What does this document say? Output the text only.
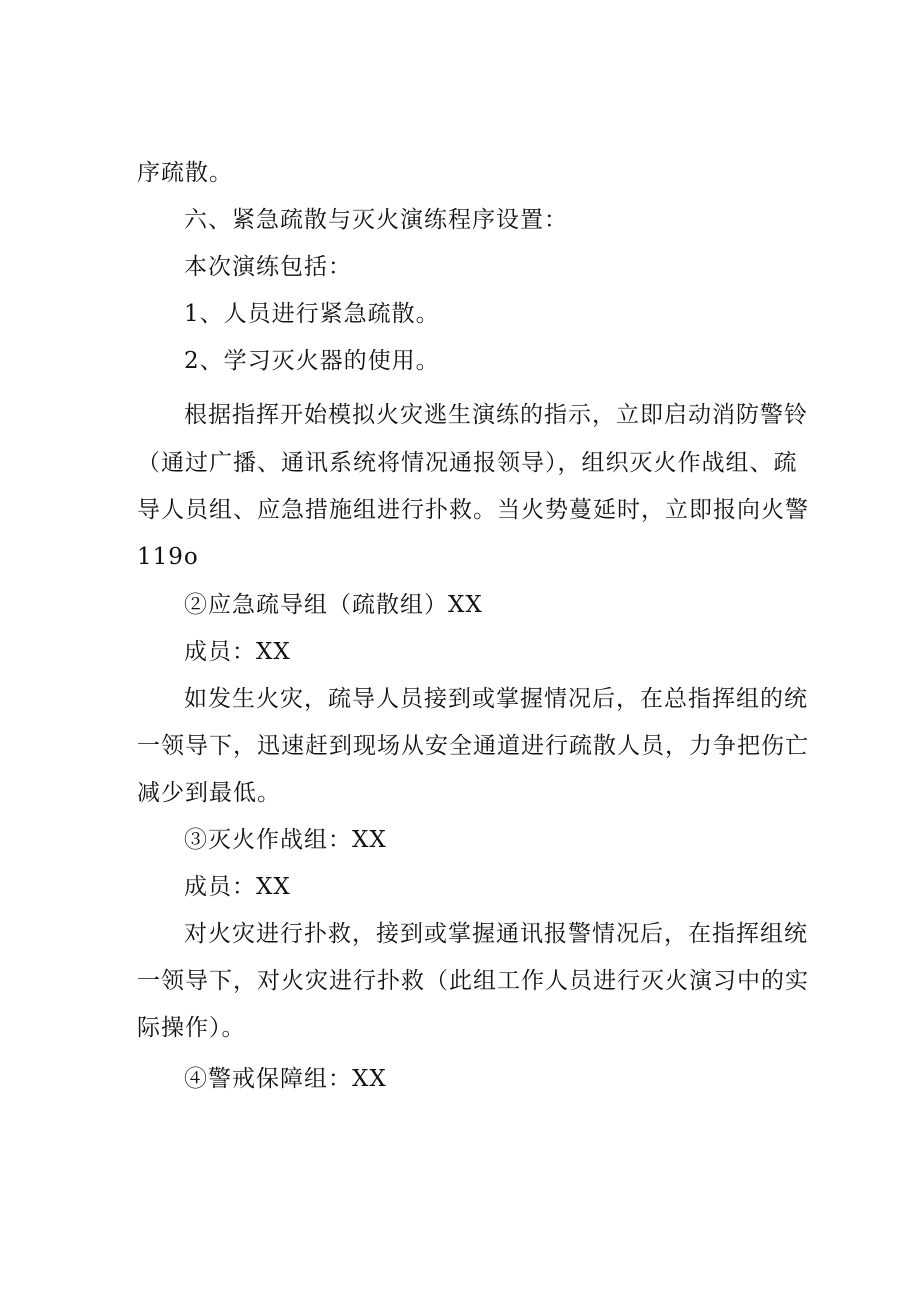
序疏散。
六、紧急疏散与灭火演练程序设置：
本次演练包括：
1、人员进行紧急疏散。
2、学习灭火器的使用。
根据指挥开始模拟火灾逃生演练的指示，立即启动消防警铃
（通过广播、通讯系统将情况通报领导），组织灭火作战组、疏
导人员组、应急措施组进行扑救。当火势蔓延时，立即报向火警
119o
②应急疏导组（疏散组）XX
成员：XX
如发生火灾，疏导人员接到或掌握情况后，在总指挥组的统
一领导下，迅速赶到现场从安全通道进行疏散人员，力争把伤亡
减少到最低。
③灭火作战组：XX
成员：XX
对火灾进行扑救，接到或掌握通讯报警情况后，在指挥组统
一领导下，对火灾进行扑救（此组工作人员进行灭火演习中的实
际操作）。
④警戒保障组：XX
